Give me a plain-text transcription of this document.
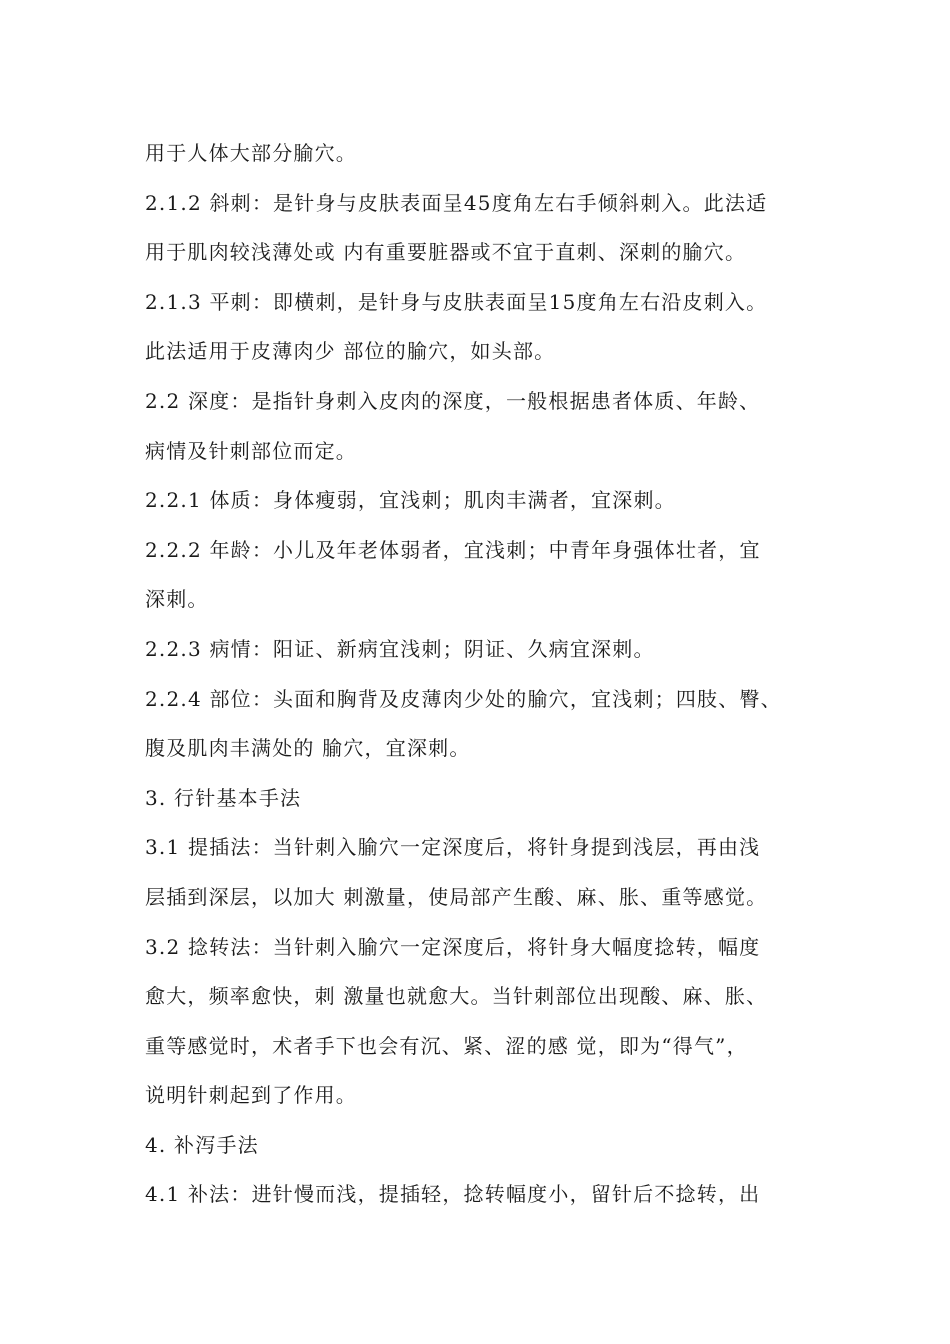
用于人体大部分腧穴。
2.1.2 斜刺：是针身与皮肤表面呈45度角左右手倾斜刺入。此法适
用于肌肉较浅薄处或 内有重要脏器或不宜于直刺、深刺的腧穴。
2.1.3 平刺：即横刺，是针身与皮肤表面呈15度角左右沿皮刺入。
此法适用于皮薄肉少 部位的腧穴，如头部。
2.2 深度：是指针身刺入皮肉的深度，一般根据患者体质、年龄、
病情及针刺部位而定。
2.2.1 体质：身体瘦弱，宜浅刺；肌肉丰满者，宜深刺。
2.2.2 年龄：小儿及年老体弱者，宜浅刺；中青年身强体壮者，宜
深刺。
2.2.3 病情：阳证、新病宜浅刺；阴证、久病宜深刺。
2.2.4 部位：头面和胸背及皮薄肉少处的腧穴，宜浅刺；四肢、臀、
腹及肌肉丰满处的 腧穴，宜深刺。
3. 行针基本手法
3.1 提插法：当针刺入腧穴一定深度后，将针身提到浅层，再由浅
层插到深层，以加大 刺激量，使局部产生酸、麻、胀、重等感觉。
3.2 捻转法：当针刺入腧穴一定深度后，将针身大幅度捻转，幅度
愈大，频率愈快，刺 激量也就愈大。当针刺部位出现酸、麻、胀、
重等感觉时，术者手下也会有沉、紧、涩的感 觉，即为“得气”，
说明针刺起到了作用。
4. 补泻手法
4.1 补法：进针慢而浅，提插轻，捻转幅度小，留针后不捻转，出
